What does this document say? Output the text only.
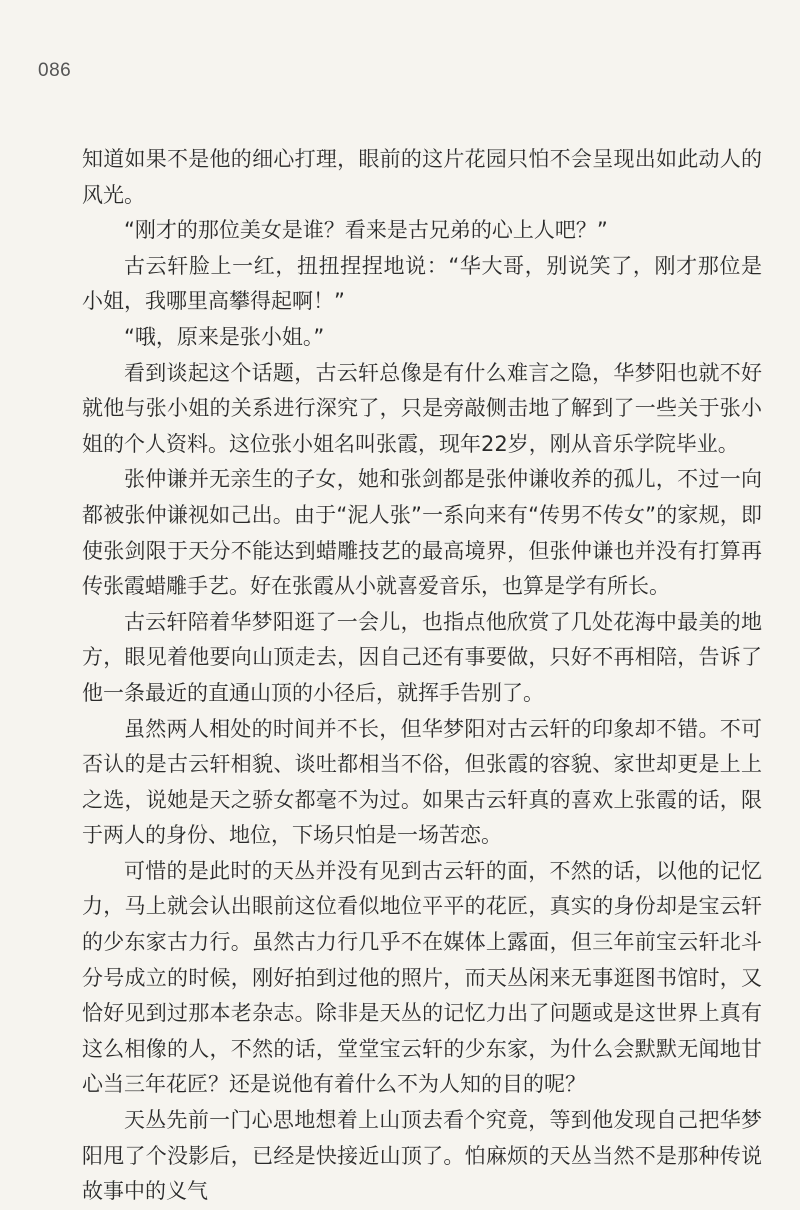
086

知道如果不是他的细心打理，眼前的这片花园只怕不会呈现出如此动人的风光。

“刚才的那位美女是谁？看来是古兄弟的心上人吧？”

古云轩脸上一红，扭扭捏捏地说：“华大哥，别说笑了，刚才那位是小姐，我哪里高攀得起啊！”

“哦，原来是张小姐。”

看到谈起这个话题，古云轩总像是有什么难言之隐，华梦阳也就不好就他与张小姐的关系进行深究了，只是旁敲侧击地了解到了一些关于张小姐的个人资料。这位张小姐名叫张霞，现年22岁，刚从音乐学院毕业。

张仲谦并无亲生的子女，她和张剑都是张仲谦收养的孤儿，不过一向都被张仲谦视如己出。由于“泥人张”一系向来有“传男不传女”的家规，即使张剑限于天分不能达到蜡雕技艺的最高境界，但张仲谦也并没有打算再传张霞蜡雕手艺。好在张霞从小就喜爱音乐，也算是学有所长。

古云轩陪着华梦阳逛了一会儿，也指点他欣赏了几处花海中最美的地方，眼见着他要向山顶走去，因自己还有事要做，只好不再相陪，告诉了他一条最近的直通山顶的小径后，就挥手告别了。

虽然两人相处的时间并不长，但华梦阳对古云轩的印象却不错。不可否认的是古云轩相貌、谈吐都相当不俗，但张霞的容貌、家世却更是上上之选，说她是天之骄女都毫不为过。如果古云轩真的喜欢上张霞的话，限于两人的身份、地位，下场只怕是一场苦恋。

可惜的是此时的天丛并没有见到古云轩的面，不然的话，以他的记忆力，马上就会认出眼前这位看似地位平平的花匠，真实的身份却是宝云轩的少东家古力行。虽然古力行几乎不在媒体上露面，但三年前宝云轩北斗分号成立的时候，刚好拍到过他的照片，而天丛闲来无事逛图书馆时，又恰好见到过那本老杂志。除非是天丛的记忆力出了问题或是这世界上真有这么相像的人，不然的话，堂堂宝云轩的少东家，为什么会默默无闻地甘心当三年花匠？还是说他有着什么不为人知的目的呢？

天丛先前一门心思地想着上山顶去看个究竟，等到他发现自己把华梦阳甩了个没影后，已经是快接近山顶了。怕麻烦的天丛当然不是那种传说故事中的义气
